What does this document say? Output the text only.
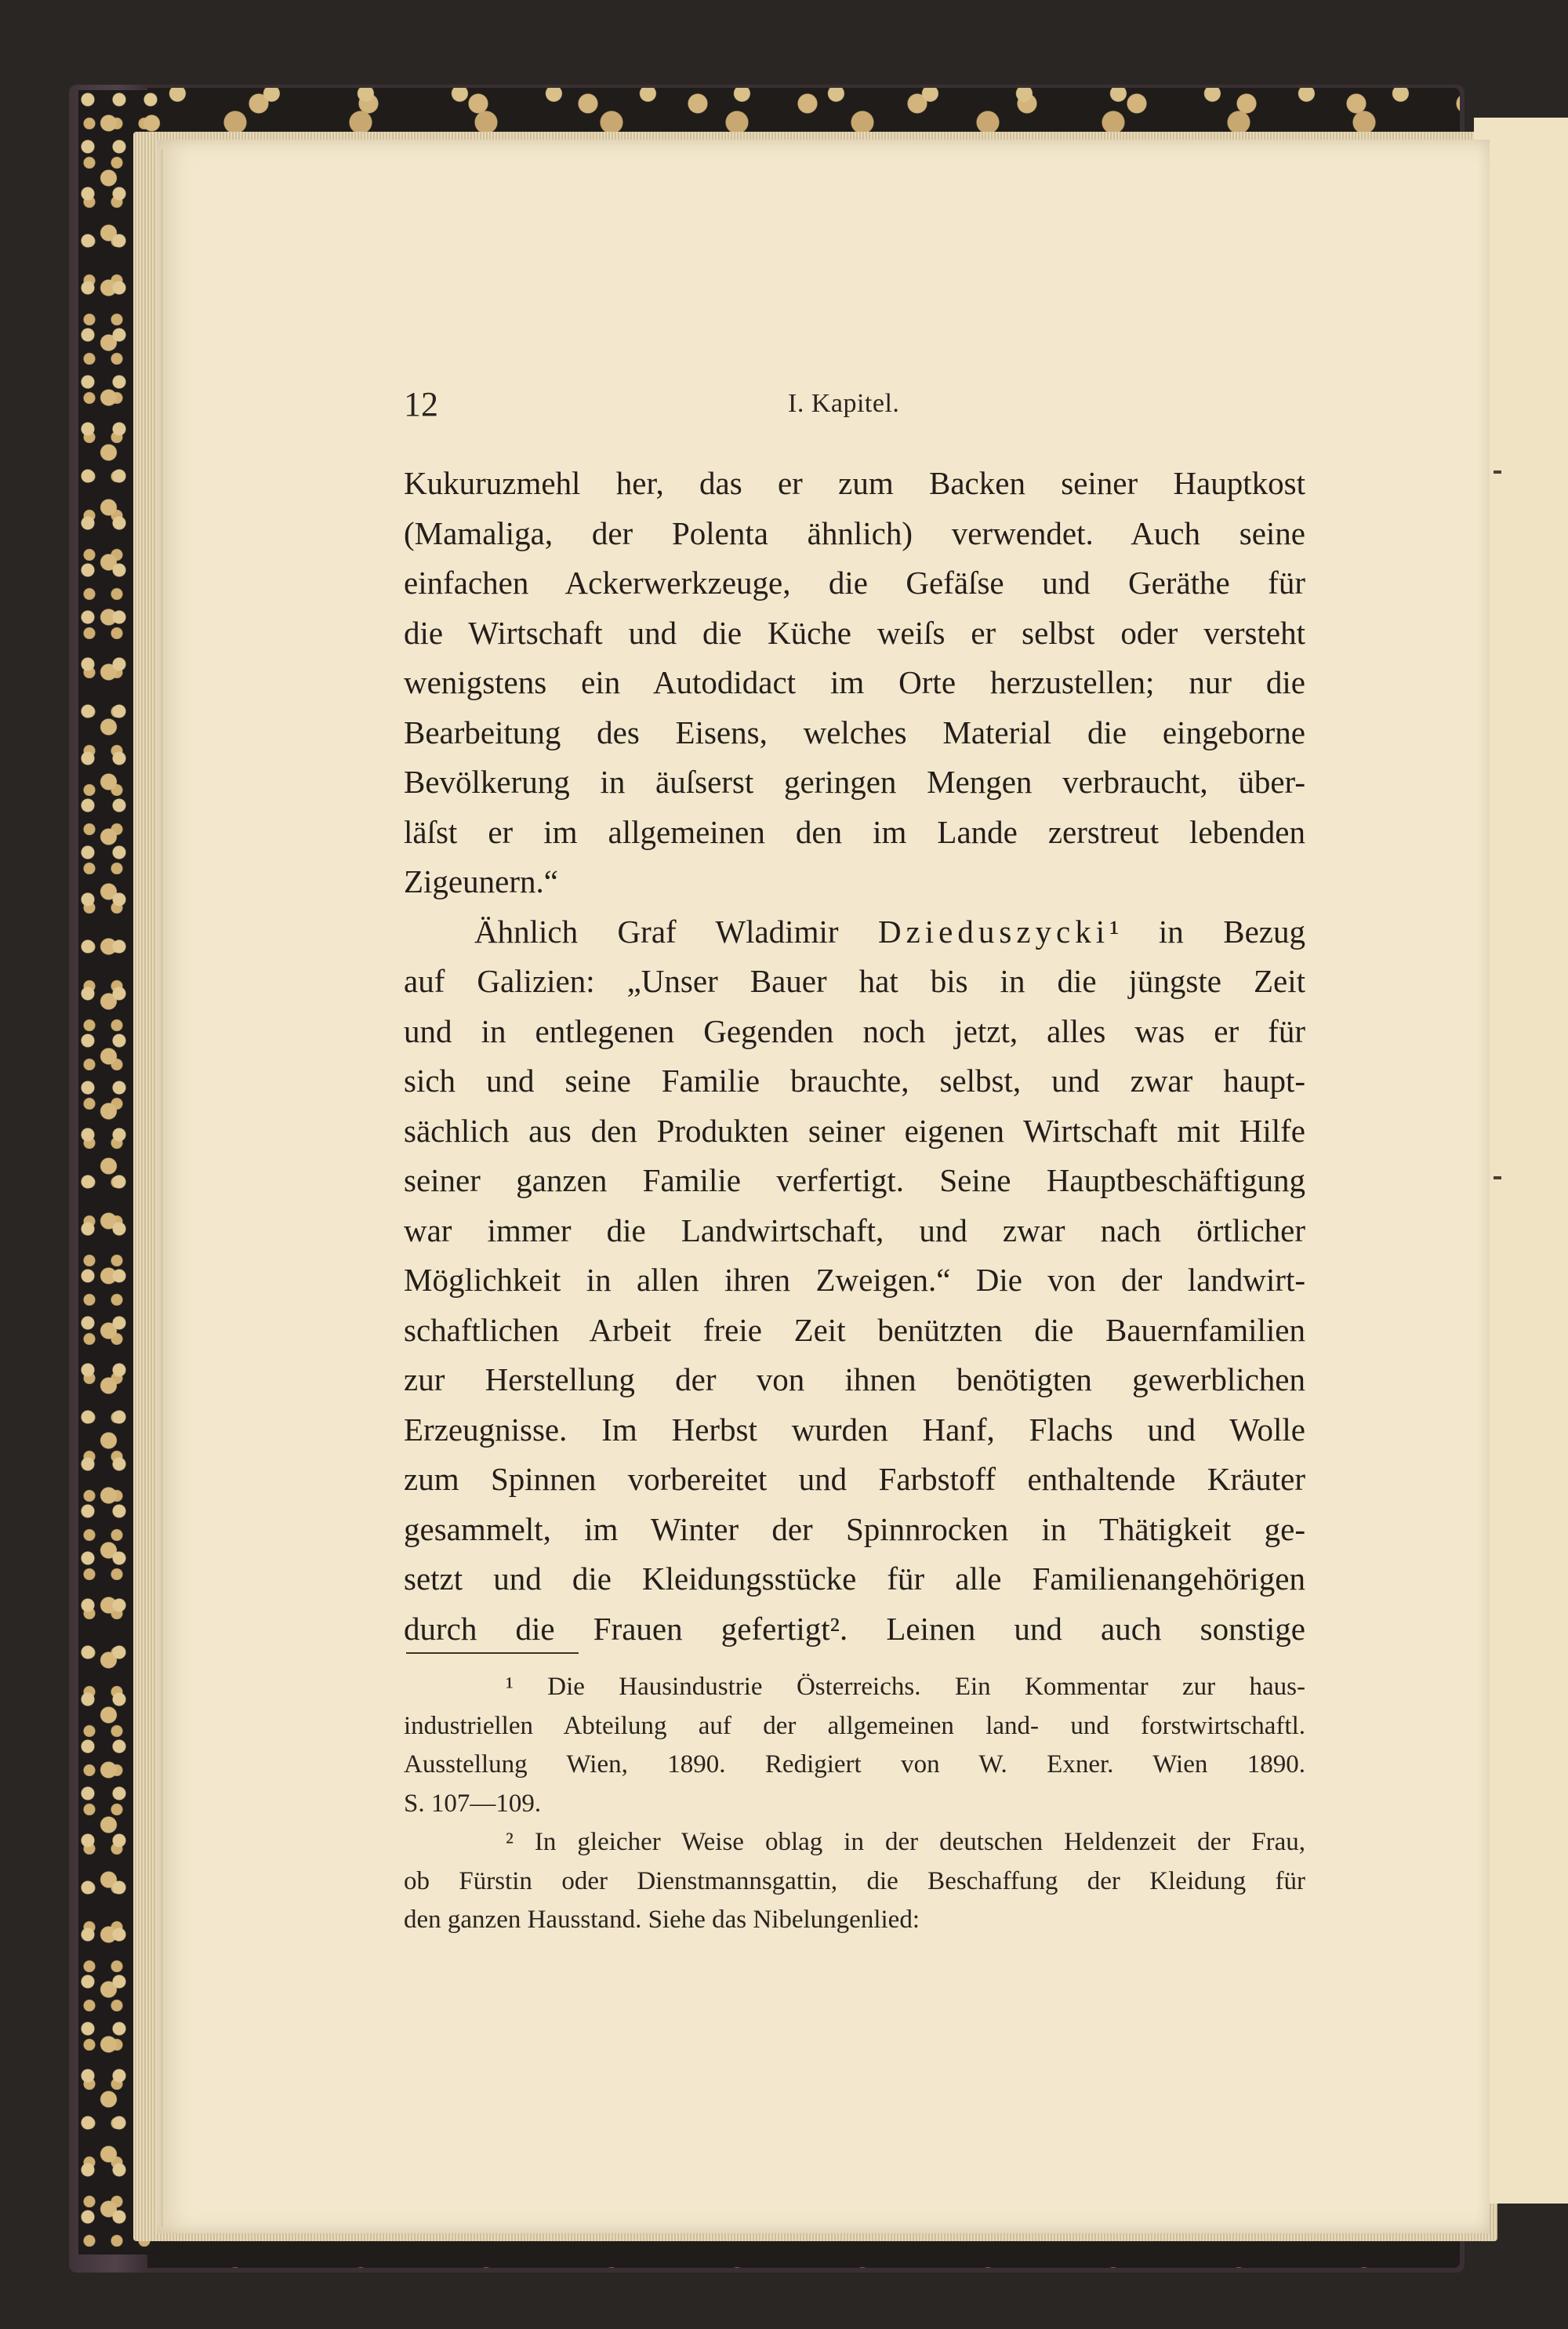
12	I. Kapitel.
Kukuruzmehl her, das er zum Backen seiner Hauptkost
(Mamaliga, der Polenta ähnlich) verwendet. Auch seine
einfachen Ackerwerkzeuge, die Gefäſse und Geräthe für
die Wirtschaft und die Küche weiſs er selbst oder versteht
wenigstens ein Autodidact im Orte herzustellen; nur die
Bearbeitung des Eisens, welches Material die eingeborne
Bevölkerung in äuſserst geringen Mengen verbraucht, über-
läſst er im allgemeinen den im Lande zerstreut lebenden
Zigeunern.“
Ähnlich Graf Wladimir Dzieduszycki¹ in Bezug
auf Galizien: „Unser Bauer hat bis in die jüngste Zeit
und in entlegenen Gegenden noch jetzt, alles was er für
sich und seine Familie brauchte, selbst, und zwar haupt-
sächlich aus den Produkten seiner eigenen Wirtschaft mit Hilfe
seiner ganzen Familie verfertigt. Seine Hauptbeschäftigung
war immer die Landwirtschaft, und zwar nach örtlicher
Möglichkeit in allen ihren Zweigen.“ Die von der landwirt-
schaftlichen Arbeit freie Zeit benützten die Bauernfamilien
zur Herstellung der von ihnen benötigten gewerblichen
Erzeugnisse. Im Herbst wurden Hanf, Flachs und Wolle
zum Spinnen vorbereitet und Farbstoff enthaltende Kräuter
gesammelt, im Winter der Spinnrocken in Thätigkeit ge-
setzt und die Kleidungsstücke für alle Familienangehörigen
durch die Frauen gefertigt². Leinen und auch sonstige
¹ Die Hausindustrie Österreichs. Ein Kommentar zur haus-
industriellen Abteilung auf der allgemeinen land- und forstwirtschaftl.
Ausstellung Wien, 1890. Redigiert von W. Exner. Wien 1890.
S. 107—109.
² In gleicher Weise oblag in der deutschen Heldenzeit der Frau,
ob Fürstin oder Dienstmannsgattin, die Beschaffung der Kleidung für
den ganzen Hausstand. Siehe das Nibelungenlied:
